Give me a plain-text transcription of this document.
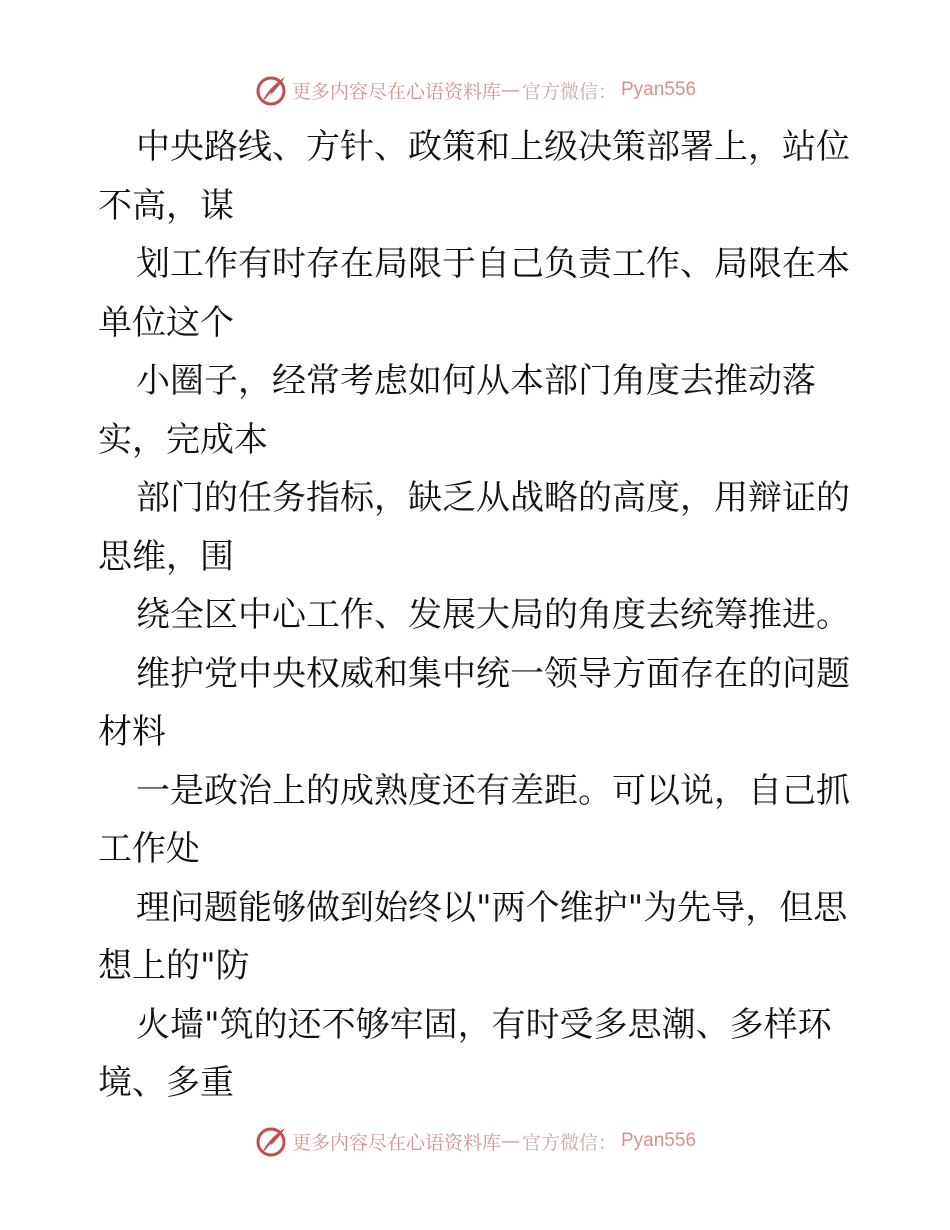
更多内容尽在心语资料库 — 官方微信： Pyan556
中央路线、方针、政策和上级决策部署上，站位
不高，谋
划工作有时存在局限于自己负责工作、局限在本
单位这个
小圈子，经常考虑如何从本部门角度去推动落
实，完成本
部门的任务指标，缺乏从战略的高度，用辩证的
思维，围
绕全区中心工作、发展大局的角度去统筹推进。
维护党中央权威和集中统一领导方面存在的问题
材料
一是政治上的成熟度还有差距。可以说，自己抓
工作处
理问题能够做到始终以"两个维护"为先导，但思
想上的"防
火墙"筑的还不够牢固，有时受多思潮、多样环
境、多重
更多内容尽在心语资料库 — 官方微信： Pyan556
